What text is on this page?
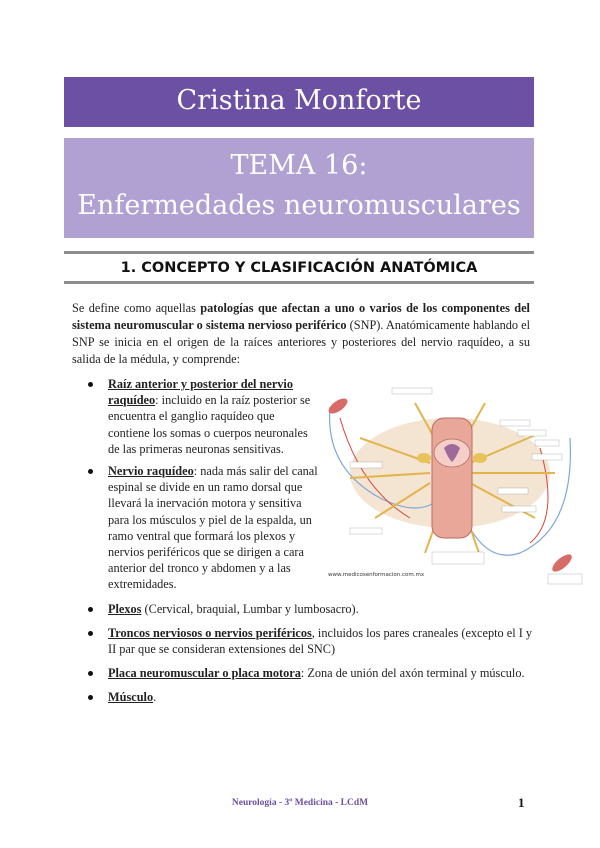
Cristina Monforte
TEMA 16:
Enfermedades neuromusculares
1. CONCEPTO Y CLASIFICACIÓN ANATÓMICA

Se define como aquellas patologías que afectan a uno o varios de los componentes del sistema neuromuscular o sistema nervioso periférico (SNP). Anatómicamente hablando el SNP se inicia en el origen de la raíces anteriores y posteriores del nervio raquídeo, a su salida de la médula, y comprende:

Raíz anterior y posterior del nervio raquídeo: incluido en la raíz posterior se encuentra el ganglio raquídeo que contiene los somas o cuerpos neuronales de las primeras neuronas sensitivas.
Nervio raquídeo: nada más salir del canal espinal se divide en un ramo dorsal que llevará la inervación motora y sensitiva para los músculos y piel de la espalda, un ramo ventral que formará los plexos y nervios periféricos que se dirigen a cara anterior del tronco y abdomen y a las extremidades.
Plexos (Cervical, braquial, Lumbar y lumbosacro).
Troncos nerviosos o nervios periféricos, incluidos los pares craneales (excepto el I y II par que se consideran extensiones del SNC)
Placa neuromuscular o placa motora: Zona de unión del axón terminal y músculo.
Músculo.
www.medicosenformacion.com.mx
Neurología - 3º Medicina - LCdM	1
